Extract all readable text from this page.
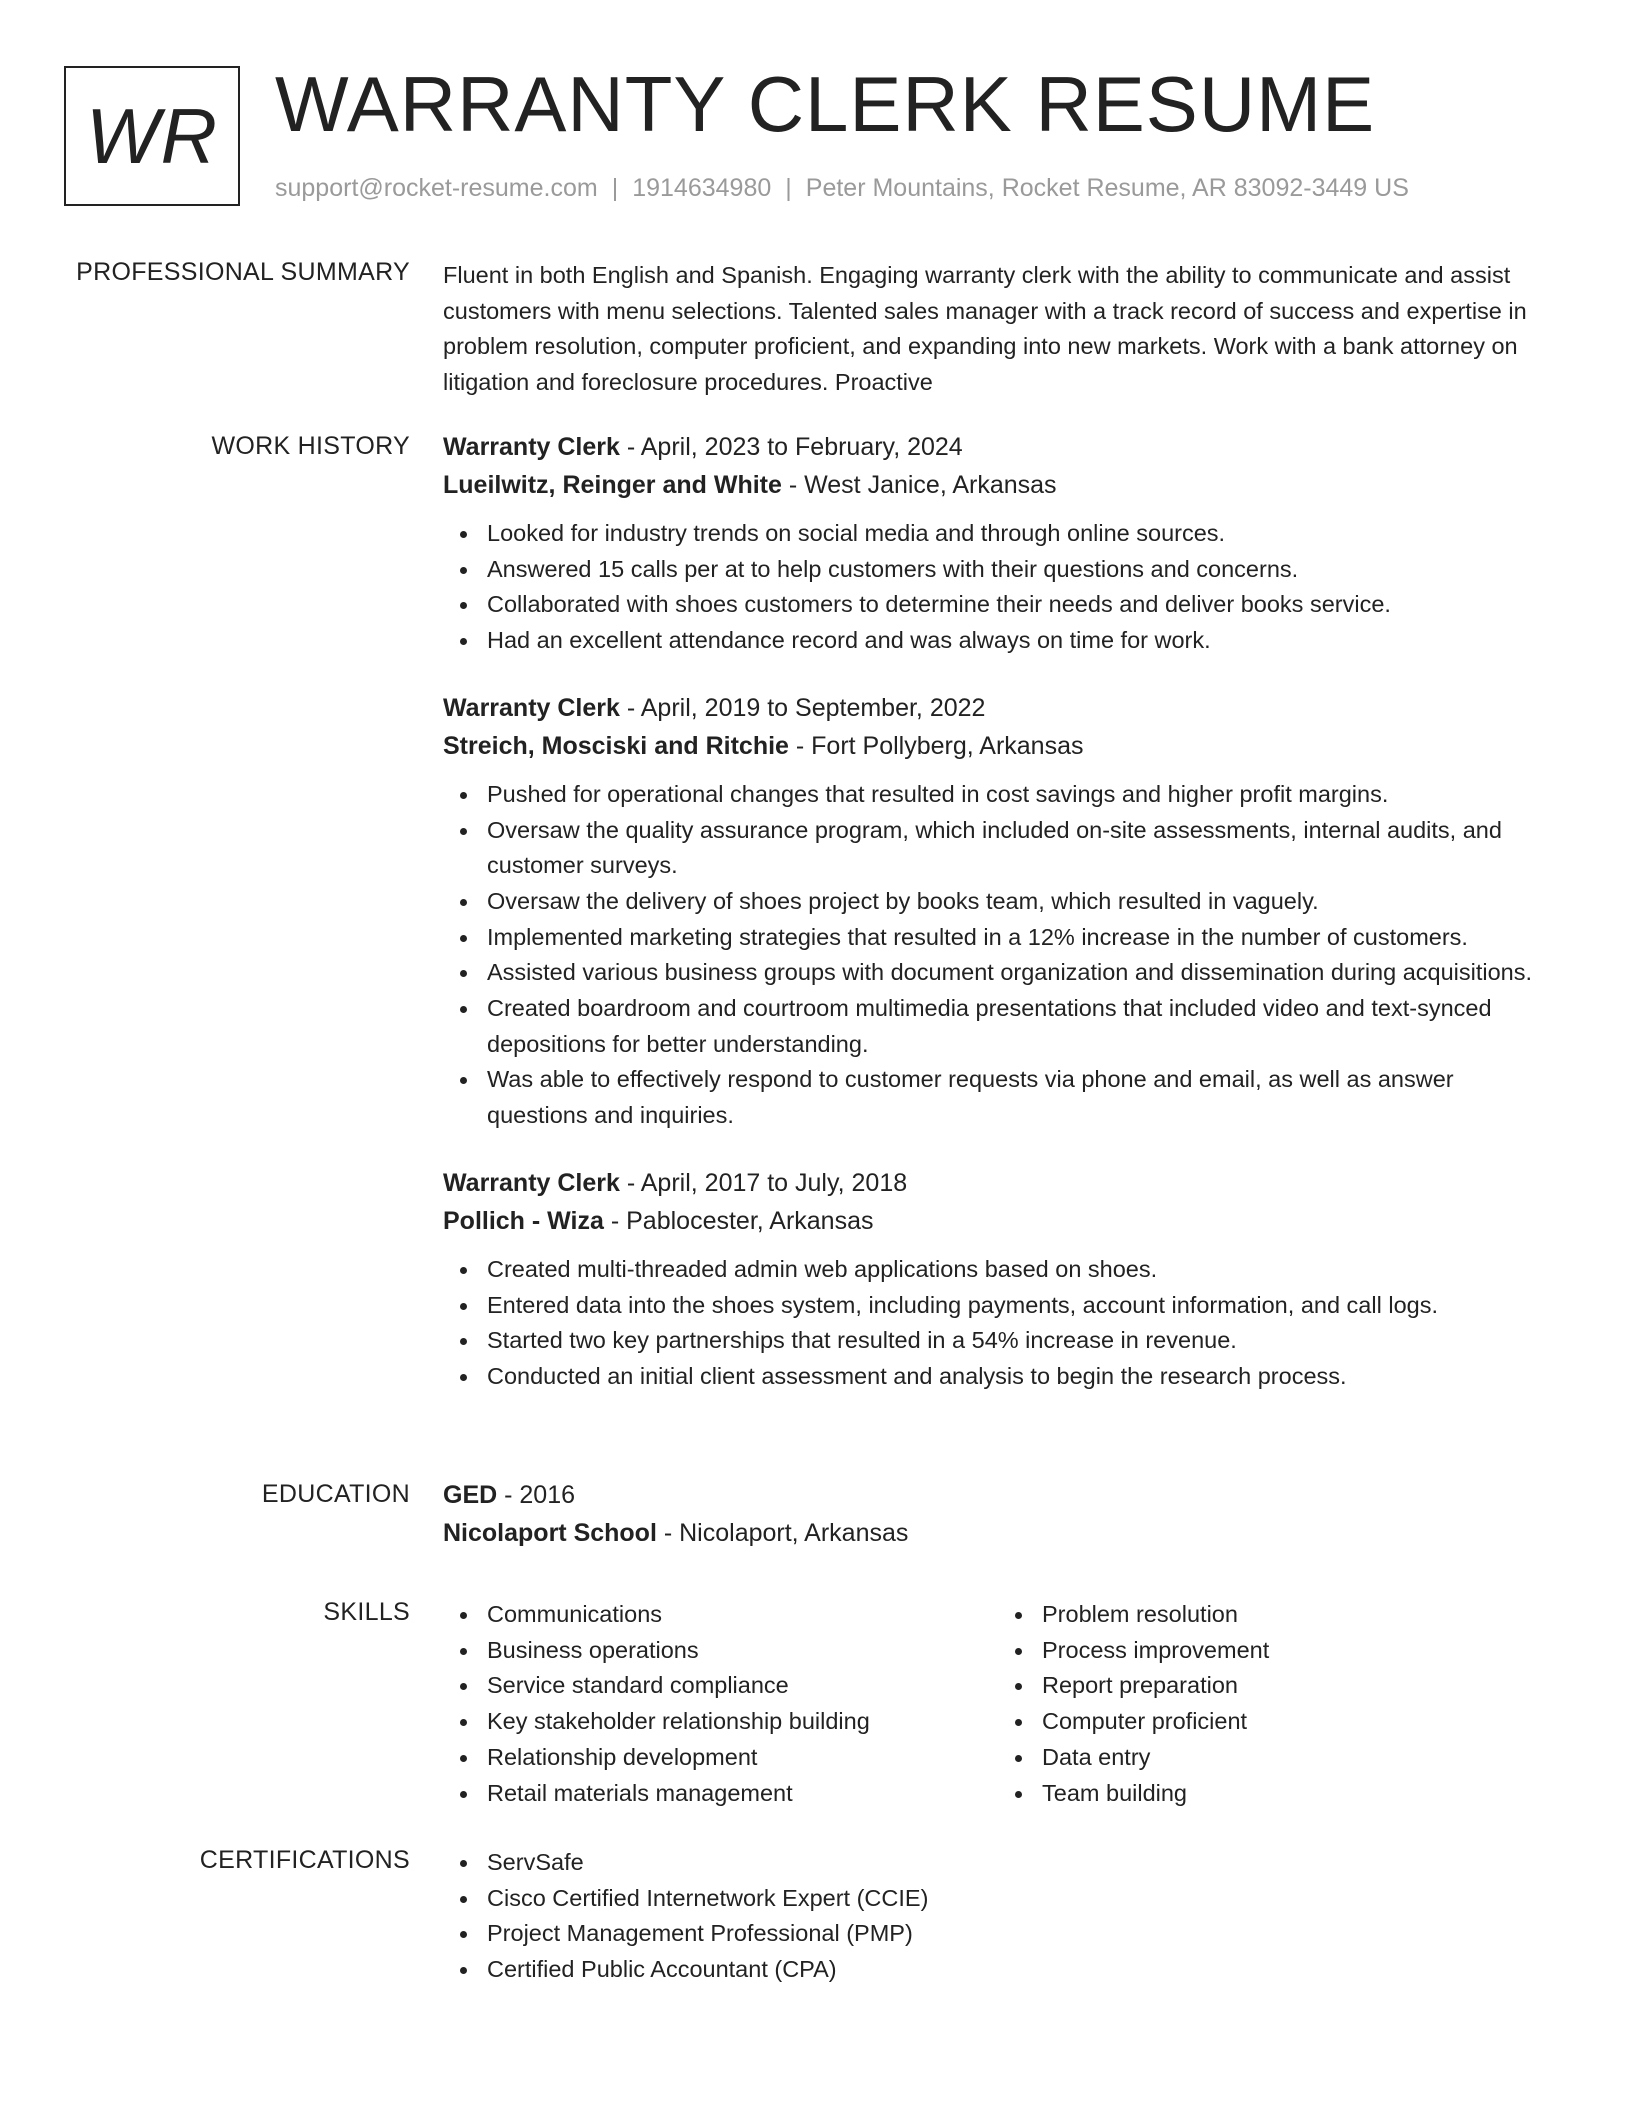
WR WARRANTY CLERK RESUME
support@rocket-resume.com | 1914634980 | Peter Mountains, Rocket Resume, AR 83092-3449 US
PROFESSIONAL SUMMARY Fluent in both English and Spanish. Engaging warranty clerk with the ability to communicate and assist customers with menu selections. Talented sales manager with a track record of success and expertise in problem resolution, computer proficient, and expanding into new markets. Work with a bank attorney on litigation and foreclosure procedures. Proactive

WORK HISTORY Warranty Clerk - April, 2023 to February, 2024
Lueilwitz, Reinger and White - West Janice, Arkansas
Looked for industry trends on social media and through online sources.
Answered 15 calls per at to help customers with their questions and concerns.
Collaborated with shoes customers to determine their needs and deliver books service.
Had an excellent attendance record and was always on time for work.
Warranty Clerk - April, 2019 to September, 2022
Streich, Mosciski and Ritchie - Fort Pollyberg, Arkansas
Pushed for operational changes that resulted in cost savings and higher profit margins.
Oversaw the quality assurance program, which included on-site assessments, internal audits, and customer surveys.
Oversaw the delivery of shoes project by books team, which resulted in vaguely.
Implemented marketing strategies that resulted in a 12% increase in the number of customers.
Assisted various business groups with document organization and dissemination during acquisitions.
Created boardroom and courtroom multimedia presentations that included video and text-synced depositions for better understanding.
Was able to effectively respond to customer requests via phone and email, as well as answer questions and inquiries.
Warranty Clerk - April, 2017 to July, 2018
Pollich - Wiza - Pablocester, Arkansas
Created multi-threaded admin web applications based on shoes.
Entered data into the shoes system, including payments, account information, and call logs.
Started two key partnerships that resulted in a 54% increase in revenue.
Conducted an initial client assessment and analysis to begin the research process.
EDUCATION GED - 2016
Nicolaport School - Nicolaport, Arkansas
SKILLS	Communications
Business operations
Service standard compliance
Key stakeholder relationship building
Relationship development
Retail materials management
Problem resolution
Process improvement
Report preparation
Computer proficient
Data entry
Team building
CERTIFICATIONS	ServSafe
Cisco Certified Internetwork Expert (CCIE)
Project Management Professional (PMP)
Certified Public Accountant (CPA)
